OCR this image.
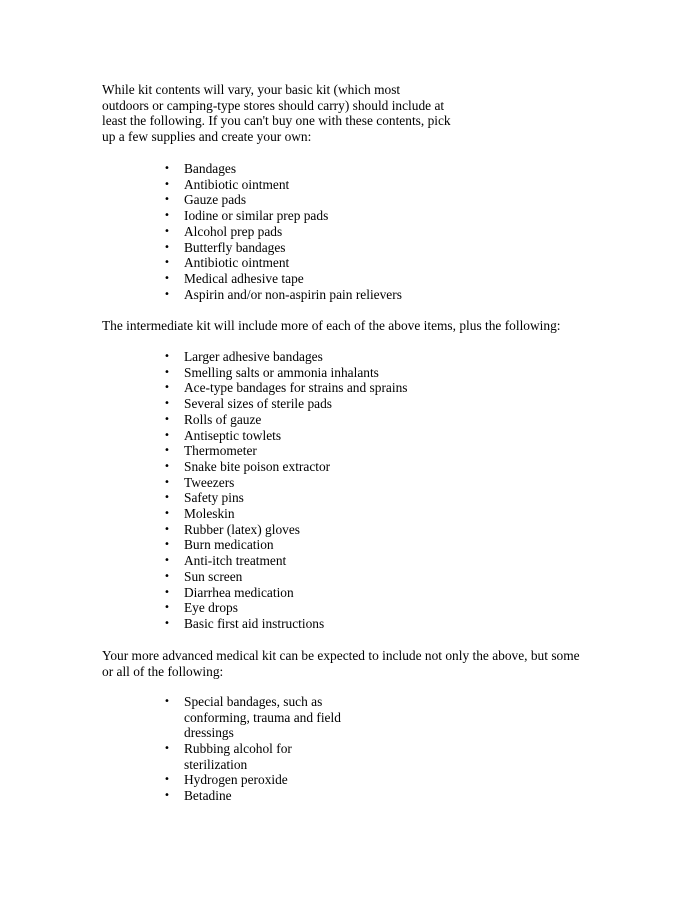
While kit contents will vary, your basic kit (which most
outdoors or camping-type stores should carry) should include at
least the following. If you can't buy one with these contents, pick
up a few supplies and create your own:

•	Bandages
•	Antibiotic ointment
•	Gauze pads
•	Iodine or similar prep pads
•	Alcohol prep pads
•	Butterfly bandages
•	Antibiotic ointment
•	Medical adhesive tape
•	Aspirin and/or non-aspirin pain relievers

The intermediate kit will include more of each of the above items, plus the following:

•	Larger adhesive bandages
•	Smelling salts or ammonia inhalants
•	Ace-type bandages for strains and sprains
•	Several sizes of sterile pads
•	Rolls of gauze
•	Antiseptic towlets
•	Thermometer
•	Snake bite poison extractor
•	Tweezers
•	Safety pins
•	Moleskin
•	Rubber (latex) gloves
•	Burn medication
•	Anti-itch treatment
•	Sun screen
•	Diarrhea medication
•	Eye drops
•	Basic first aid instructions

Your more advanced medical kit can be expected to include not only the above, but some
or all of the following:

•	Special bandages, such as
conforming, trauma and field
dressings
•	Rubbing alcohol for
sterilization
•	Hydrogen peroxide
•	Betadine
